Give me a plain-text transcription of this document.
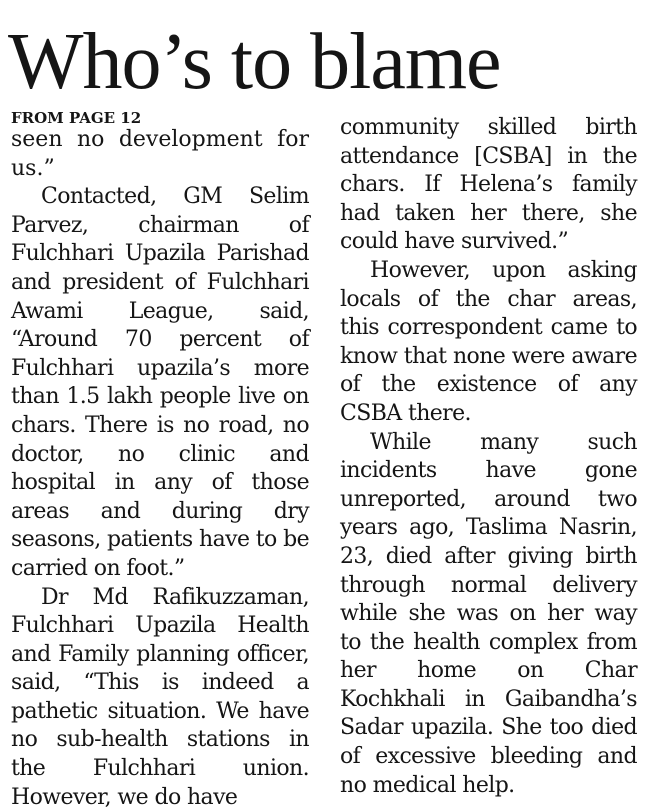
Who’s to blame
FROM PAGE 12

seen no development for us.”

Contacted, GM Selim Parvez, chairman of Fulchhari Upazila Parishad and president of Fulchhari Awami League, said, “Around 70 percent of Fulchhari upazila’s more than 1.5 lakh people live on chars. There is no road, no doctor, no clinic and hospital in any of those areas and during dry seasons, patients have to be carried on foot.”

Dr Md Rafikuzzaman, Fulchhari Upazila Health and Family planning officer, said, “This is indeed a pathetic situation. We have no sub-health stations in the Fulchhari union. However, we do have

community skilled birth attendance [CSBA] in the chars. If Helena’s family had taken her there, she could have survived.”

However, upon asking locals of the char areas, this correspondent came to know that none were aware of the existence of any CSBA there.

While many such incidents have gone unreported, around two years ago, Taslima Nasrin, 23, died after giving birth through normal delivery while she was on her way to the health complex from her home on Char Kochkhali in Gaibandha’s Sadar upazila. She too died of excessive bleeding and no medical help.
